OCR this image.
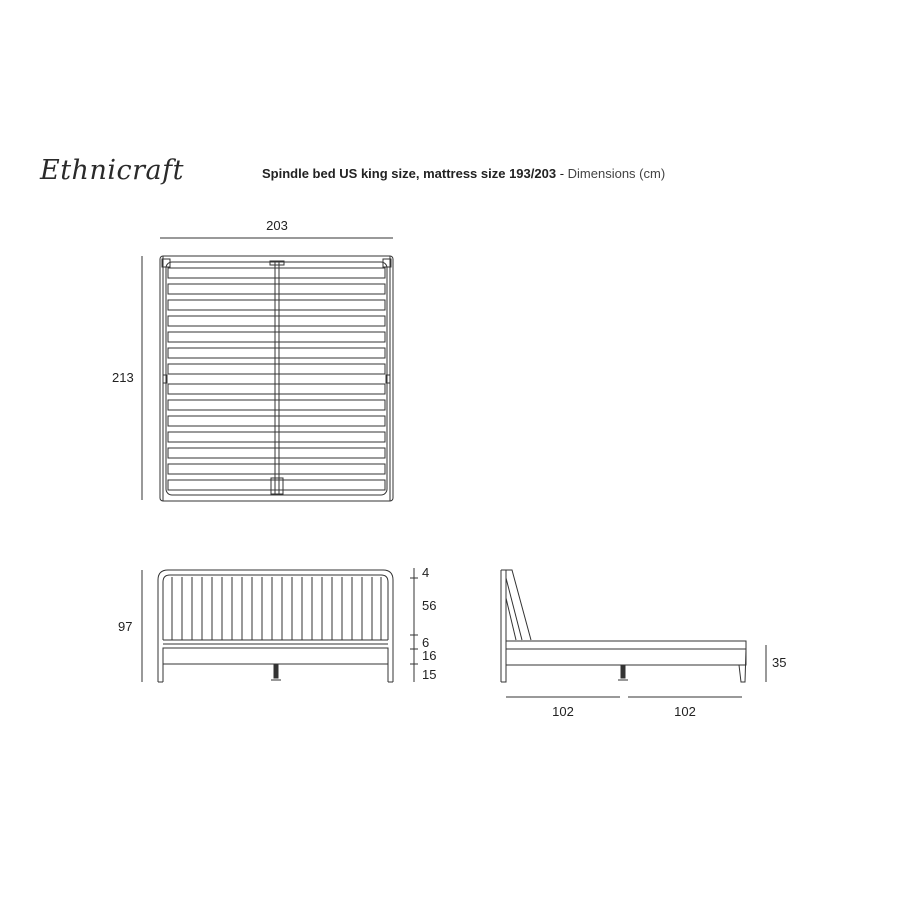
Ethnicraft	Spindle bed US king size, mattress size 193/203 - Dimensions (cm)
203
213
97
4
56
6
16
15
35
102	102
